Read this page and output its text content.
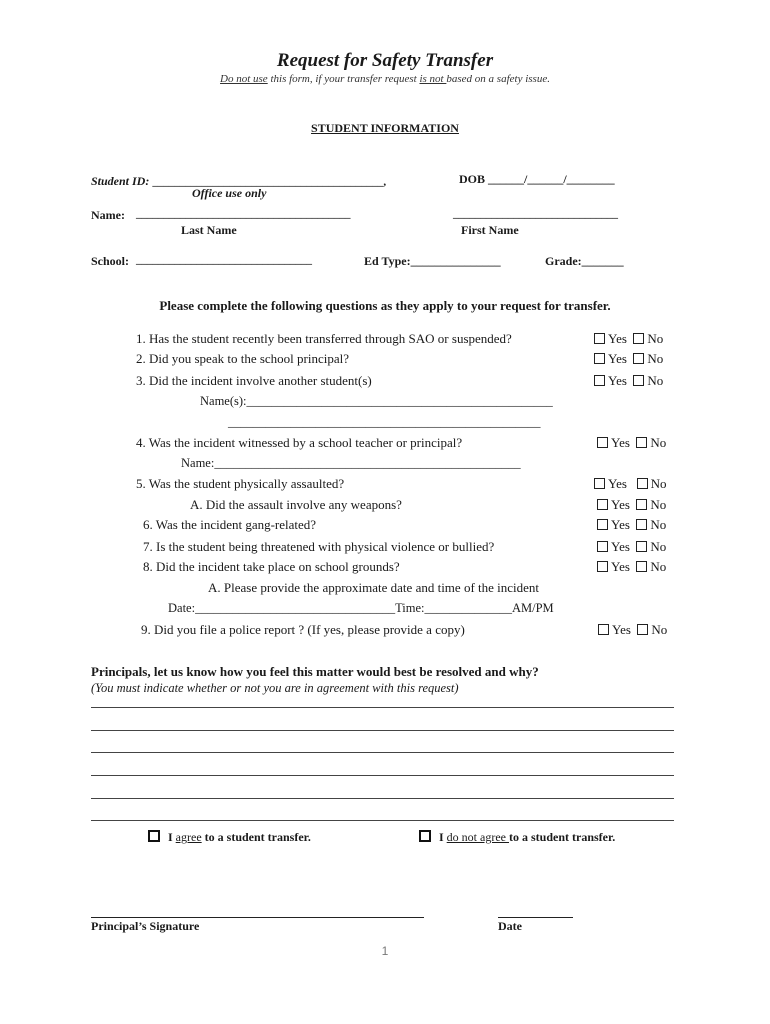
Request for Safety Transfer
Do not use this form, if your transfer request is not based on a safety issue.
STUDENT INFORMATION
Student ID: __________________________________________,	DOB ______/______/________
Office use only
Name: _______________________________________	______________________________
Last Name	First Name
School: ________________________________	Ed Type:_______________	Grade:_______
Please complete the following questions as they apply to your request for transfer.
1. Has the student recently been transferred through SAO or suspended?	Yes No
2. Did you speak to the school principal?	Yes No
3. Did the incident involve another student(s)	Yes No
Name(s):_________________________________________________
__________________________________________________
4. Was the incident witnessed by a school teacher or principal?	Yes No
Name:_________________________________________________
5. Was the student physically assaulted?	Yes No
A. Did the assault involve any weapons?	Yes No
6. Was the incident gang-related?	Yes No
7. Is the student being threatened with physical violence or bullied?	Yes No
8. Did the incident take place on school grounds?	Yes No
A. Please provide the approximate date and time of the incident
Date:________________________________Time:______________AM/PM
9. Did you file a police report ? (If yes, please provide a copy)	Yes No
Principals, let us know how you feel this matter would best be resolved and why?
(You must indicate whether or not you are in agreement with this request)
I agree to a student transfer.	I do not agree to a student transfer.
Principal’s Signature	Date
1
